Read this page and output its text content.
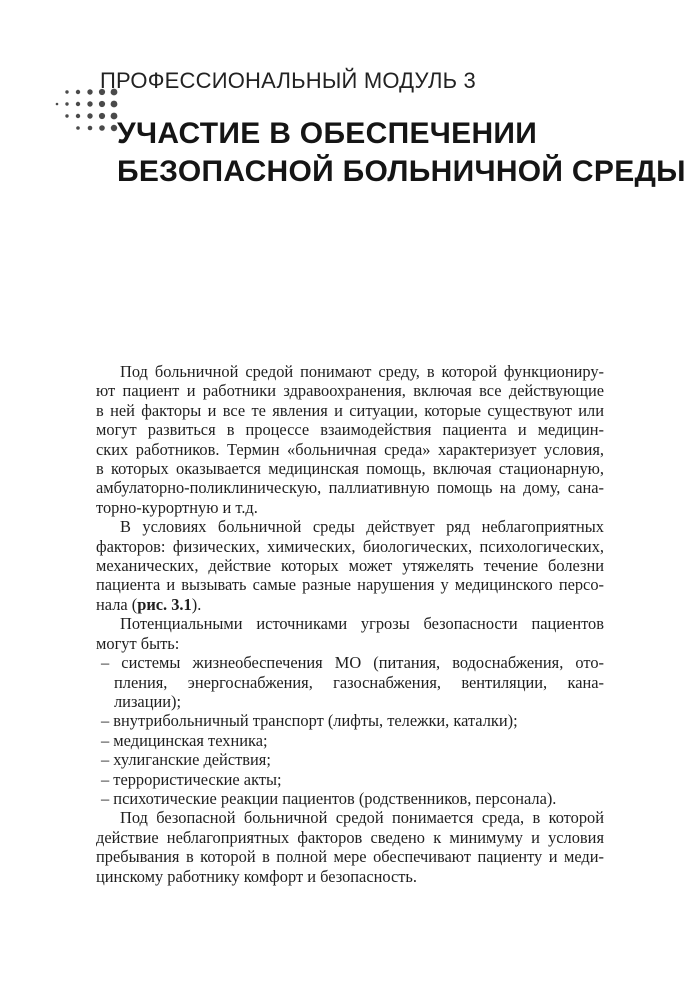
ПРОФЕССИОНАЛЬНЫЙ МОДУЛЬ 3
УЧАСТИЕ В ОБЕСПЕЧЕНИИ
БЕЗОПАСНОЙ БОЛЬНИЧНОЙ СРЕДЫ

Под больничной средой понимают среду, в которой функциониру-

ют пациент и работники здравоохранения, включая все действующие
в ней факторы и все те явления и ситуации, которые существуют или
могут развиться в процессе взаимодействия пациента и медицин-
ских работников. Термин «больничная среда» характеризует условия,
в которых оказывается медицинская помощь, включая стационарную,
амбулаторно-поликлиническую, паллиативную помощь на дому, сана-

торно-курортную и т.д.

В условиях больничной среды действует ряд неблагоприятных

факторов: физических, химических, биологических, психологических,
механических, действие которых может утяжелять течение болезни
пациента и вызывать самые разные нарушения у медицинского персо-

нала (рис. 3.1).

Потенциальными источниками угрозы безопасности пациентов

могут быть:

– системы жизнеобеспечения МО (питания, водоснабжения, ото-
пления, энергоснабжения, газоснабжения, вентиляции, кана-
лизации);
– внутрибольничный транспорт (лифты, тележки, каталки);
– медицинская техника;
– хулиганские действия;
– террористические акты;
– психотические реакции пациентов (родственников, персонала).

Под безопасной больничной средой понимается среда, в которой

действие неблагоприятных факторов сведено к минимуму и условия
пребывания в которой в полной мере обеспечивают пациенту и меди-

цинскому работнику комфорт и безопасность.
